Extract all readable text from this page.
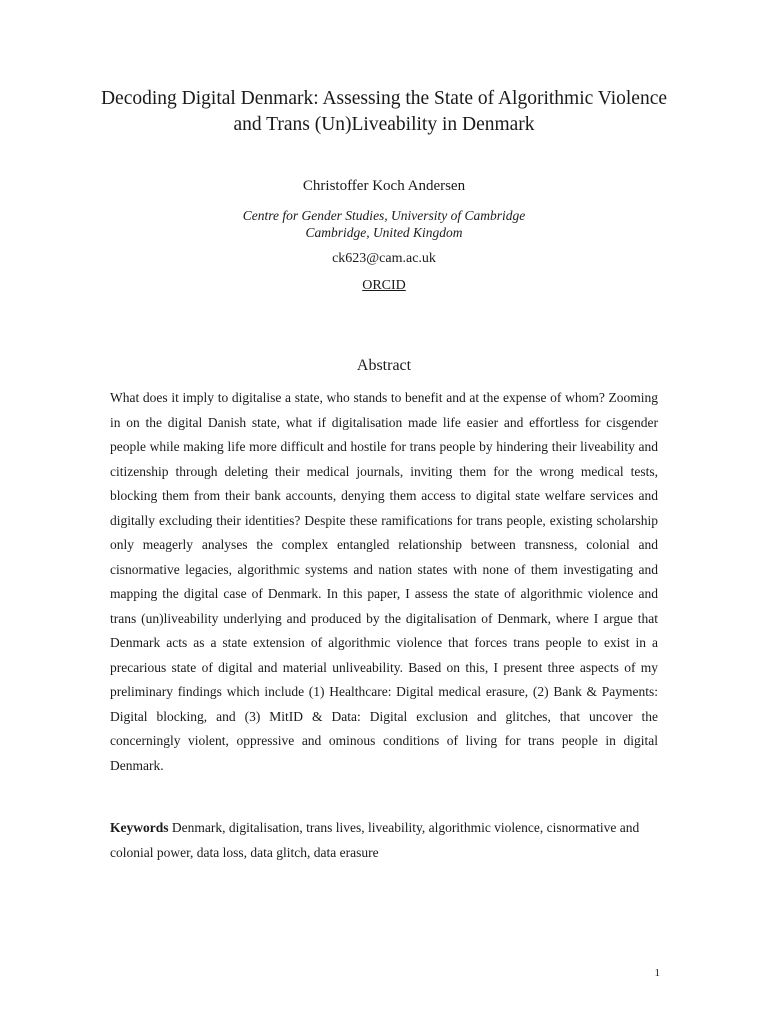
Decoding Digital Denmark: Assessing the State of Algorithmic Violence and Trans (Un)Liveability in Denmark
Christoffer Koch Andersen
Centre for Gender Studies, University of Cambridge
Cambridge, United Kingdom
ck623@cam.ac.uk
ORCID
Abstract

What does it imply to digitalise a state, who stands to benefit and at the expense of whom? Zooming in on the digital Danish state, what if digitalisation made life easier and effortless for cisgender people while making life more difficult and hostile for trans people by hindering their liveability and citizenship through deleting their medical journals, inviting them for the wrong medical tests, blocking them from their bank accounts, denying them access to digital state welfare services and digitally excluding their identities? Despite these ramifications for trans people, existing scholarship only meagerly analyses the complex entangled relationship between transness, colonial and cisnormative legacies, algorithmic systems and nation states with none of them investigating and mapping the digital case of Denmark. In this paper, I assess the state of algorithmic violence and trans (un)liveability underlying and produced by the digitalisation of Denmark, where I argue that Denmark acts as a state extension of algorithmic violence that forces trans people to exist in a precarious state of digital and material unliveability. Based on this, I present three aspects of my preliminary findings which include (1) Healthcare: Digital medical erasure, (2) Bank & Payments: Digital blocking, and (3) MitID & Data: Digital exclusion and glitches, that uncover the concerningly violent, oppressive and ominous conditions of living for trans people in digital Denmark.

Keywords Denmark, digitalisation, trans lives, liveability, algorithmic violence, cisnormative and colonial power, data loss, data glitch, data erasure

1
